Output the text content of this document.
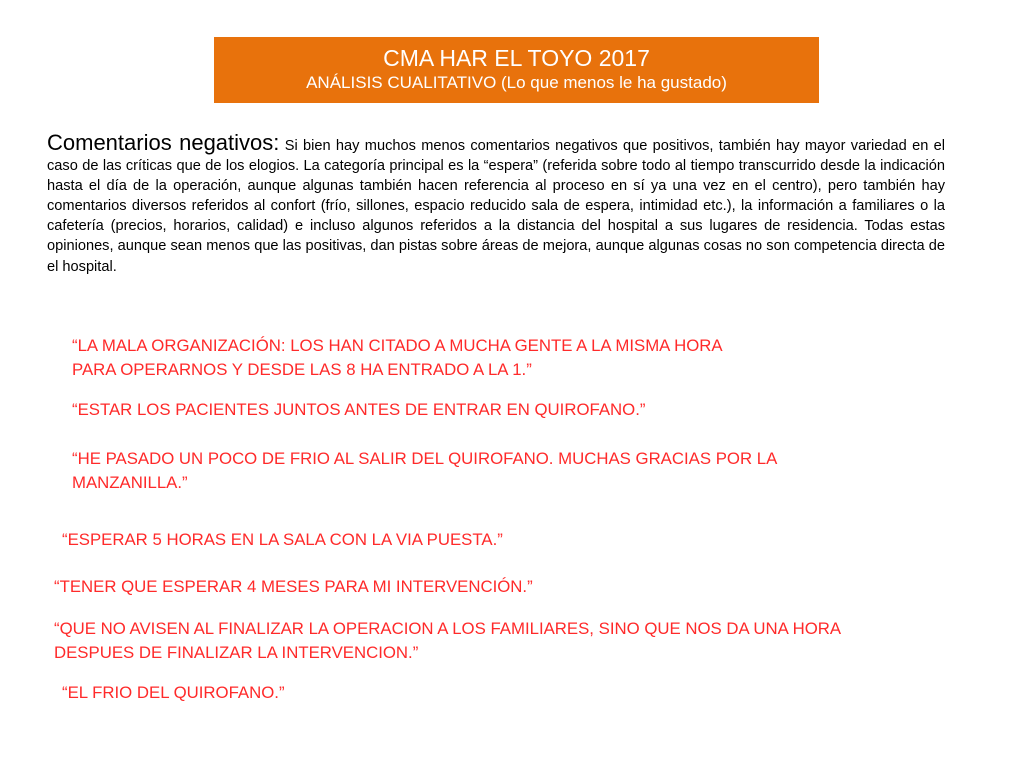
CMA HAR EL TOYO 2017
ANÁLISIS CUALITATIVO (Lo que menos le ha gustado)
Comentarios negativos: Si bien hay muchos menos comentarios negativos que positivos, también hay mayor variedad en el caso de las críticas que de los elogios. La categoría principal es la “espera” (referida sobre todo al tiempo transcurrido desde la indicación hasta el día de la operación, aunque algunas también hacen referencia al proceso en sí ya una vez en el centro), pero también hay comentarios diversos referidos al confort (frío, sillones, espacio reducido sala de espera, intimidad etc.), la información a familiares o la cafetería (precios, horarios, calidad) e incluso algunos referidos a la distancia del hospital a sus lugares de residencia. Todas estas opiniones, aunque sean menos que las positivas, dan pistas sobre áreas de mejora, aunque algunas cosas no son competencia directa de el hospital.
“LA MALA ORGANIZACIÓN: LOS HAN CITADO A MUCHA GENTE A LA MISMA HORA
PARA OPERARNOS Y DESDE LAS 8 HA ENTRADO A LA 1.”
“ESTAR LOS PACIENTES JUNTOS ANTES DE ENTRAR EN QUIROFANO.”
“HE PASADO UN POCO DE FRIO AL SALIR DEL QUIROFANO. MUCHAS GRACIAS POR LA
MANZANILLA.”
“ESPERAR 5 HORAS EN LA SALA CON LA VIA PUESTA.”
“TENER QUE ESPERAR 4 MESES PARA MI INTERVENCIÓN.”
“QUE NO AVISEN AL FINALIZAR LA OPERACION A LOS FAMILIARES, SINO QUE NOS DA UNA HORA
DESPUES DE FINALIZAR LA INTERVENCION.”
“EL FRIO DEL QUIROFANO.”
